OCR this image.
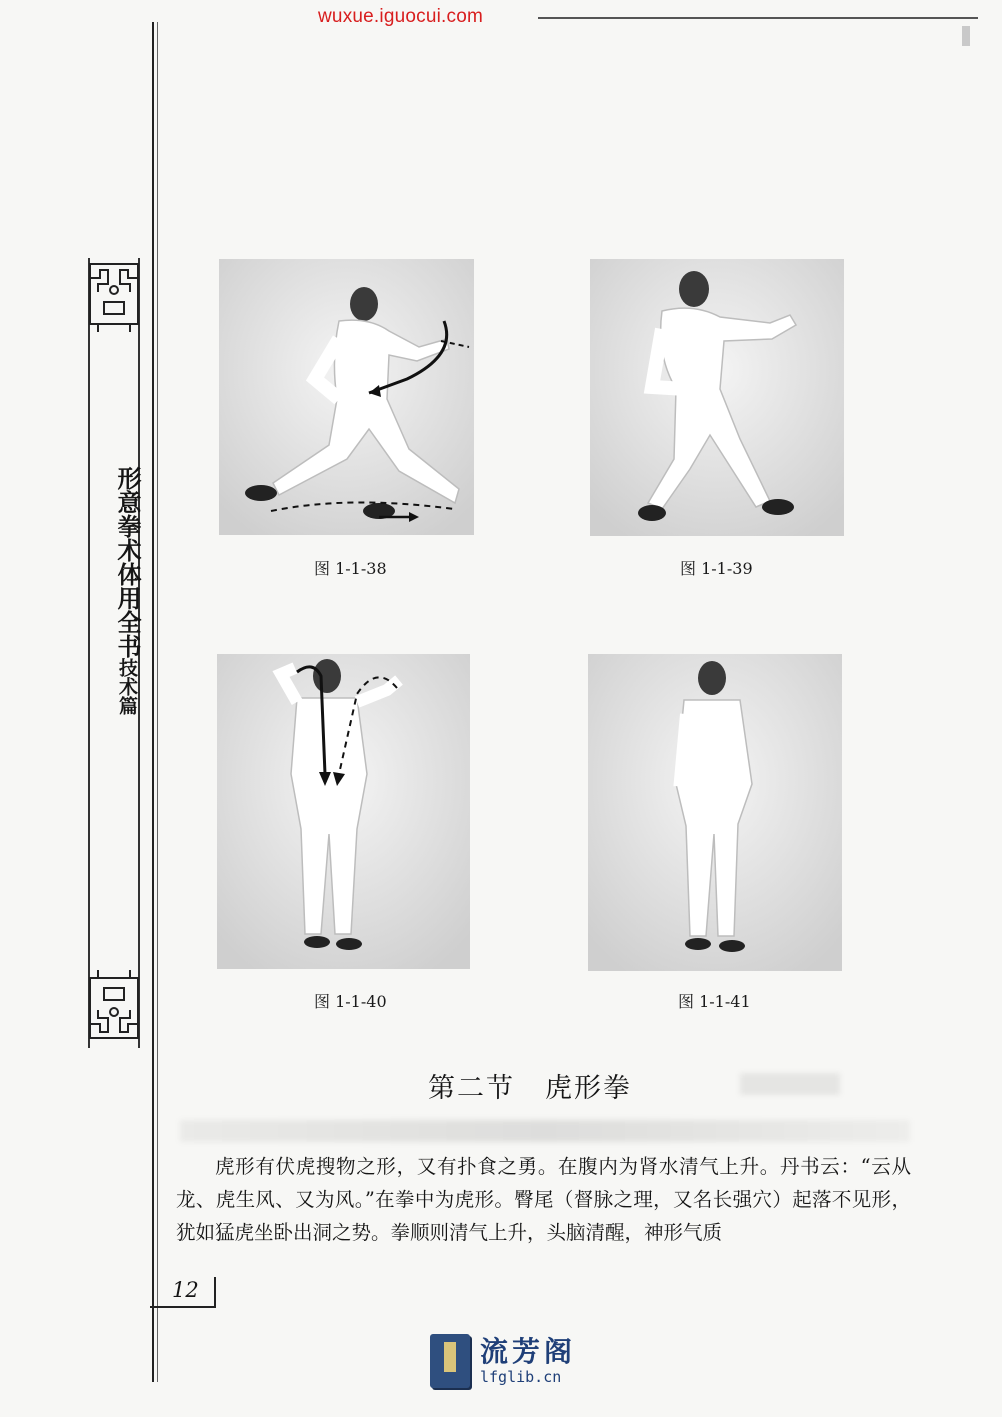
wuxue.iguocui.com
形意拳术体用全书技术篇
图 1-1-38	图 1-1-39
图 1-1-40	图 1-1-41
第二节 虎形拳
虎形有伏虎搜物之形，又有扑食之勇。在腹内为肾水清气上升。丹书云：“云从龙、虎生风、又为风。”在拳中为虎形。臀尾（督脉之理，又名长强穴）起落不见形，犹如猛虎坐卧出洞之势。拳顺则清气上升，头脑清醒，神形气质
12
流芳阁
lfglib.cn
